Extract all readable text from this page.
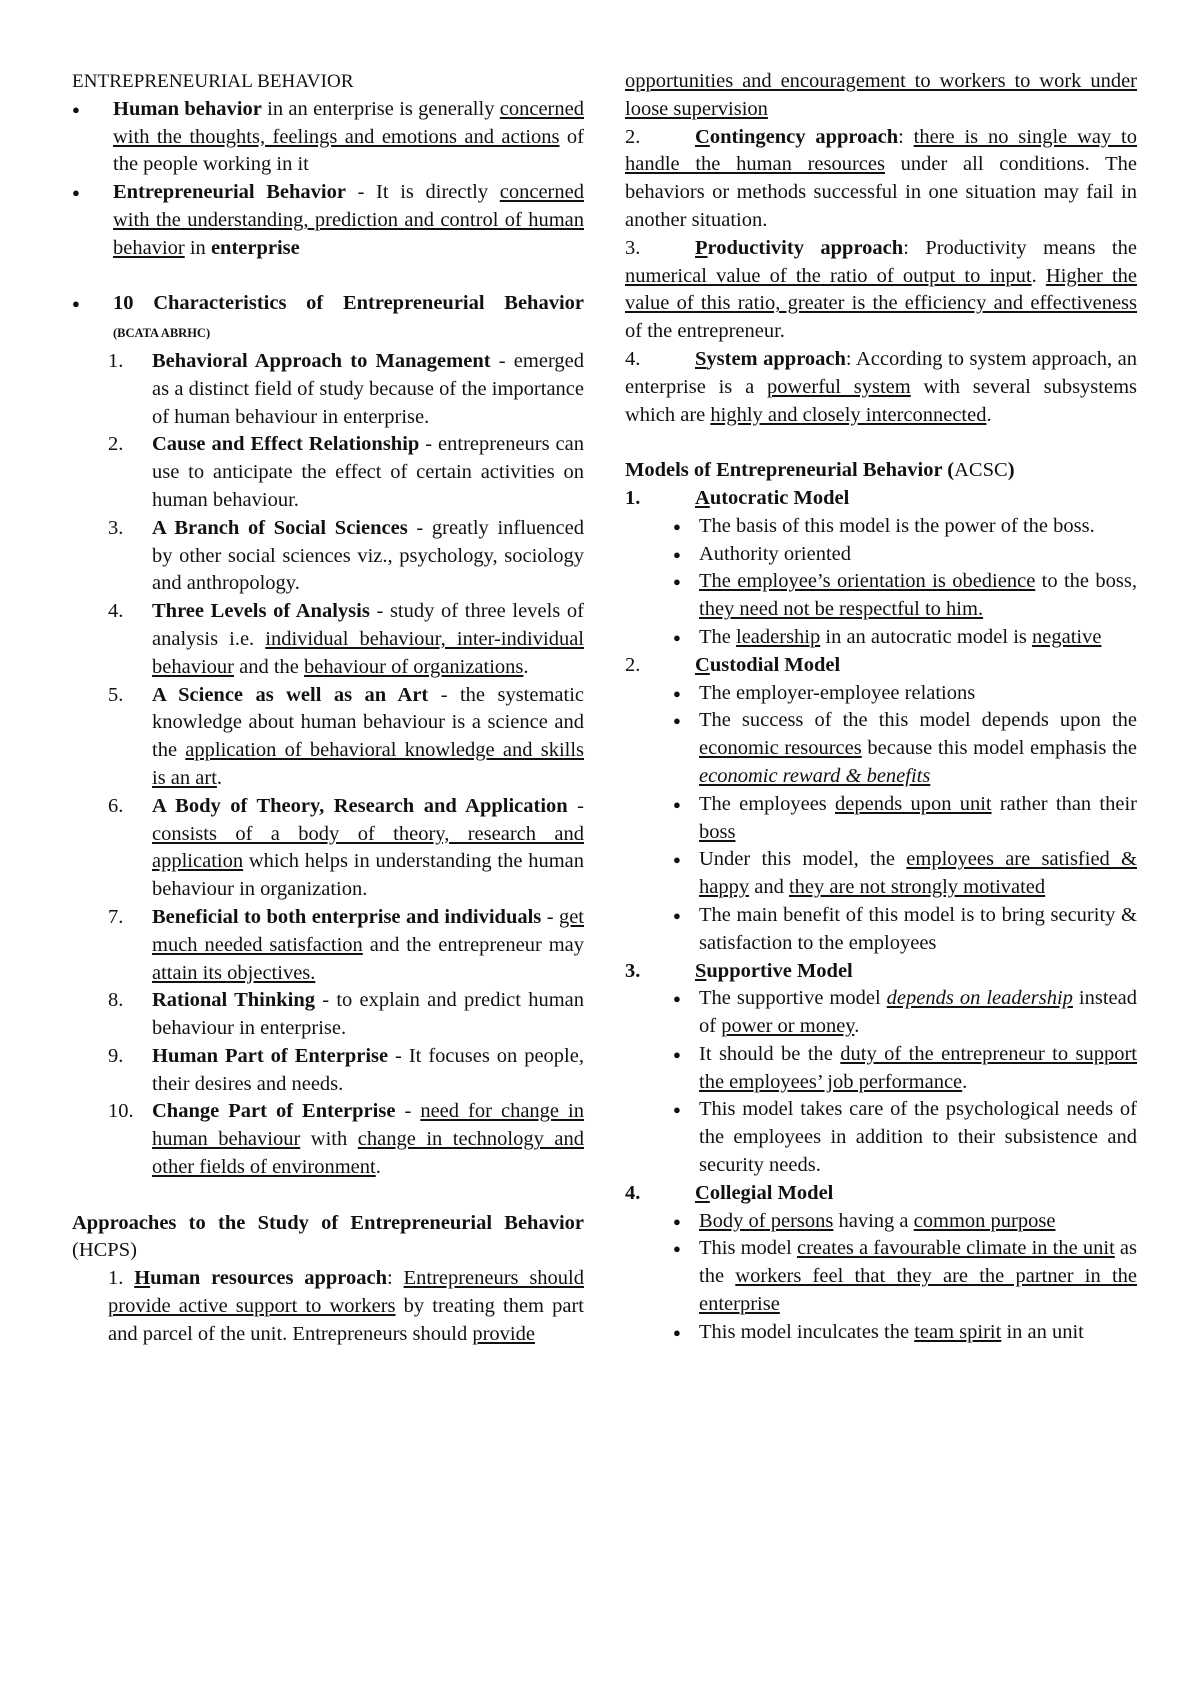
ENTREPRENEURIAL BEHAVIOR
● Human behavior in an enterprise is generally concerned with the thoughts, feelings and emotions and actions of the people working in it
● Entrepreneurial Behavior - It is directly concerned with the understanding, prediction and control of human behavior in enterprise
● 10 Characteristics of Entrepreneurial Behavior (BCATA ABRHC)
1. Behavioral Approach to Management - emerged as a distinct field of study because of the importance of human behaviour in enterprise.
2. Cause and Effect Relationship - entrepreneurs can use to anticipate the effect of certain activities on human behaviour.
3. A Branch of Social Sciences - greatly influenced by other social sciences viz., psychology, sociology and anthropology.
4. Three Levels of Analysis - study of three levels of analysis i.e. individual behaviour, inter-individual behaviour and the behaviour of organizations.
5. A Science as well as an Art - the systematic knowledge about human behaviour is a science and the application of behavioral knowledge and skills is an art.
6. A Body of Theory, Research and Application - consists of a body of theory, research and application which helps in understanding the human behaviour in organization.
7. Beneficial to both enterprise and individuals - get much needed satisfaction and the entrepreneur may attain its objectives.
8. Rational Thinking - to explain and predict human behaviour in enterprise.
9. Human Part of Enterprise - It focuses on people, their desires and needs.
10. Change Part of Enterprise - need for change in human behaviour with change in technology and other fields of environment.
Approaches to the Study of Entrepreneurial Behavior (HCPS)
1. Human resources approach: Entrepreneurs should provide active support to workers by treating them part and parcel of the unit. Entrepreneurs should provide
opportunities and encouragement to workers to work under loose supervision
2.	Contingency approach: there is no single way to handle the human resources under all conditions. The behaviors or methods successful in one situation may fail in another situation.
3.	Productivity approach: Productivity means the numerical value of the ratio of output to input. Higher the value of this ratio, greater is the efficiency and effectiveness of the entrepreneur.
4.	System approach: According to system approach, an enterprise is a powerful system with several subsystems which are highly and closely interconnected.
Models of Entrepreneurial Behavior (ACSC)
1.	Autocratic Model
● The basis of this model is the power of the boss.
● Authority oriented
● The employee’s orientation is obedience to the boss, they need not be respectful to him.
● The leadership in an autocratic model is negative
2.	Custodial Model
● The employer-employee relations
● The success of the this model depends upon the economic resources because this model emphasis the economic reward & benefits
● The employees depends upon unit rather than their boss
● Under this model, the employees are satisfied & happy and they are not strongly motivated
● The main benefit of this model is to bring security & satisfaction to the employees
3.	Supportive Model
● The supportive model depends on leadership instead of power or money.
● It should be the duty of the entrepreneur to support the employees’ job performance.
● This model takes care of the psychological needs of the employees in addition to their subsistence and security needs.
4.	Collegial Model
● Body of persons having a common purpose
● This model creates a favourable climate in the unit as the workers feel that they are the partner in the enterprise
● This model inculcates the team spirit in an unit
